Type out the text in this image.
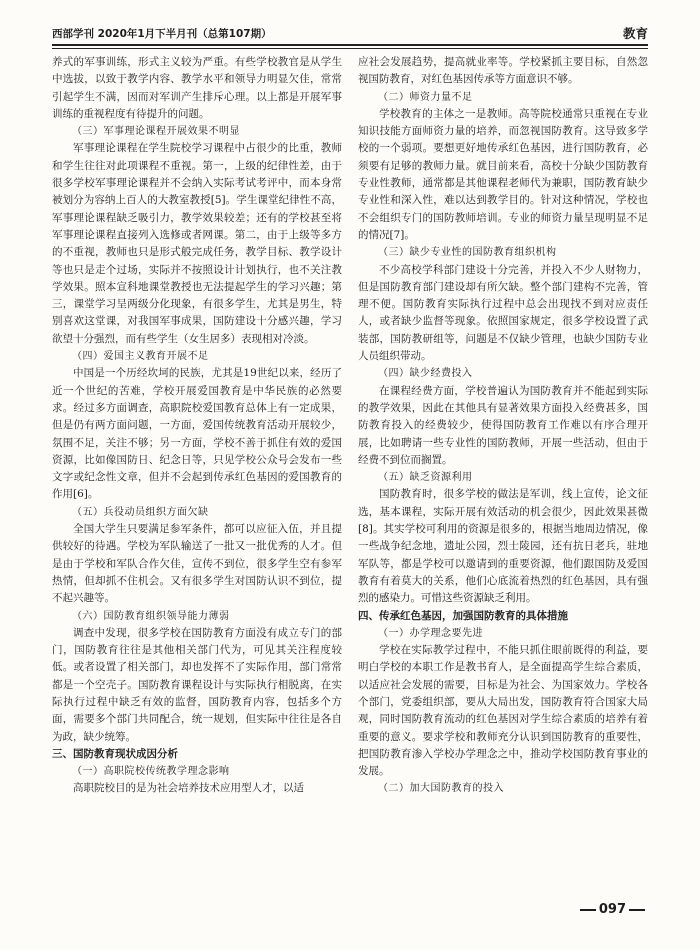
西部学刊 2020年1月下半月刊（总第107期）	教育

养式的军事训练，形式主义较为严重。有些学校教官是从学生中选拔，以致于教学内容、教学水平和领导力明显欠佳，常常引起学生不满，因而对军训产生排斥心理。以上都是开展军事训练的重视程度有待提升的问题。

（三）军事理论课程开展效果不明显

军事理论课程在学生院校学习课程中占很少的比重，教师和学生往往对此项课程不重视。第一，上级的纪律性差，由于很多学校军事理论课程并不会纳入实际考试考评中，而本身常被划分为容纳上百人的大教室教授[5]。学生课堂纪律性不高，军事理论课程缺乏吸引力，教学效果较差；还有的学校甚至将军事理论课程直接列入选修或者网课。第二，由于上级等多方的不重视，教师也只是形式般完成任务，教学目标、教学设计等也只是走个过场，实际并不按照设计计划执行，也不关注教学效果。照本宣科地课堂教授也无法提起学生的学习兴趣；第三，课堂学习呈两级分化现象，有很多学生，尤其是男生，特别喜欢这堂课，对我国军事成果，国防建设十分感兴趣，学习欲望十分强烈，而有些学生（女生居多）表现相对冷淡。

（四）爱国主义教育开展不足

中国是一个历经坎坷的民族，尤其是19世纪以来，经历了近一个世纪的苦难，学校开展爱国教育是中华民族的必然要求。经过多方面调查，高职院校爱国教育总体上有一定成果，但是仍有两方面问题，一方面，爱国传统教育活动开展较少，氛围不足，关注不够；另一方面，学校不善于抓住有效的爱国资源，比如像国防日、纪念日等，只见学校公众号会发布一些文字或纪念性文章，但并不会起到传承红色基因的爱国教育的作用[6]。

（五）兵役动员组织方面欠缺

全国大学生只要满足参军条件，都可以应征入伍，并且提供较好的待遇。学校为军队输送了一批又一批优秀的人才。但是由于学校和军队合作欠佳，宣传不到位，很多学生空有参军热情，但却抓不住机会。又有很多学生对国防认识不到位，提不起兴趣等。

（六）国防教育组织领导能力薄弱

调查中发现，很多学校在国防教育方面没有成立专门的部门，国防教育往往是其他相关部门代为，可见其关注程度较低。或者设置了相关部门，却也发挥不了实际作用，部门常常都是一个空壳子。国防教育课程设计与实际执行相脱离，在实际执行过程中缺乏有效的监督，国防教育内容，包括多个方面，需要多个部门共同配合，统一规划，但实际中往往是各自为政，缺少统筹。

三、国防教育现状成因分析

（一）高职院校传统教学理念影响

高职院校目的是为社会培养技术应用型人才，以适

应社会发展趋势，提高就业率等。学校紧抓主要目标，自然忽视国防教育，对红色基因传承等方面意识不够。

（二）师资力量不足

学校教育的主体之一是教师。高等院校通常只重视在专业知识技能方面师资力量的培养，而忽视国防教育。这导致多学校的一个弱项。要想更好地传承红色基因，进行国防教育，必须要有足够的教师力量。就目前来看，高校十分缺少国防教育专业性教师，通常都是其他课程老师代为兼职，国防教育缺少专业性和深入性，难以达到教学目的。针对这种情况，学校也不会组织专门的国防教师培训。专业的师资力量呈现明显不足的情况[7]。

（三）缺少专业性的国防教育组织机构

不少高校学科部门建设十分完善，并投入不少人财物力，但是国防教育部门建设却有所欠缺。整个部门建构不完善，管理不便。国防教育实际执行过程中总会出现找不到对应责任人，或者缺少监督等现象。依照国家规定，很多学校设置了武装部，国防教研组等，问题是不仅缺少管理，也缺少国防专业人员组织带动。

（四）缺少经费投入

在课程经费方面，学校普遍认为国防教育并不能起到实际的教学效果，因此在其他具有显著效果方面投入经费甚多，国防教育投入的经费较少，使得国防教育工作难以有序合理开展，比如聘请一些专业性的国防教师，开展一些活动，但由于经费不到位而搁置。

（五）缺乏资源利用

国防教育时，很多学校的做法是军训，线上宣传，论文征选，基本课程，实际开展有效活动的机会很少，因此效果甚微[8]。其实学校可利用的资源是很多的，根据当地周边情况，像一些战争纪念地，遗址公园，烈士陵园，还有抗日老兵，驻地军队等，都是学校可以邀请到的重要资源，他们跟国防及爱国教育有着莫大的关系，他们心底流着热烈的红色基因，具有强烈的感染力。可惜这些资源缺乏利用。

四、传承红色基因，加强国防教育的具体措施

（一）办学理念要先进

学校在实际教学过程中，不能只抓住眼前既得的利益，要明白学校的本职工作是教书育人，是全面提高学生综合素质，以适应社会发展的需要，目标是为社会、为国家效力。学校各个部门，党委组织部，要从大局出发，国防教育符合国家大局观，同时国防教育流动的红色基因对学生综合素质的培养有着重要的意义。要求学校和教师充分认识到国防教育的重要性，把国防教育渗入学校办学理念之中，推动学校国防教育事业的发展。

（二）加大国防教育的投入

097
